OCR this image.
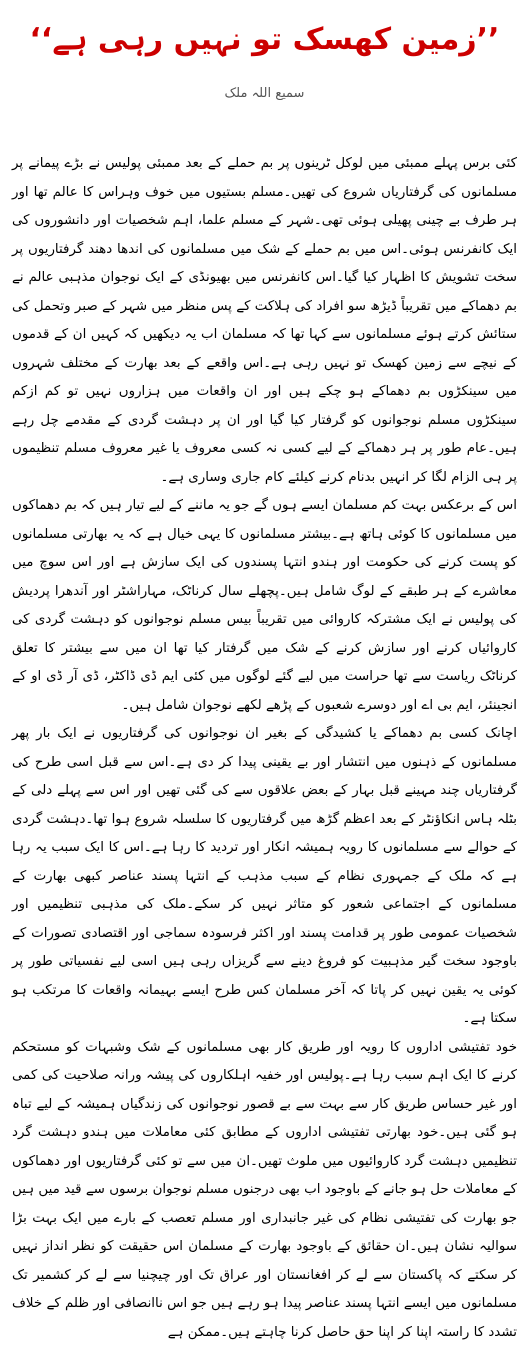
’’زمین کھسک تو نہیں رہی ہے‘‘
سمیع اللہ ملک

کئی برس پہلے ممبئی میں لوکل ٹرینوں پر بم حملے کے بعد ممبئی پولیس نے بڑے پیمانے پر مسلمانوں کی گرفتاریاں شروع کی تھیں۔مسلم بستیوں میں خوف وہراس کا عالم تھا اور ہر طرف بے چینی پھیلی ہوئی تھی۔شہر کے مسلم علما، اہم شخصیات اور دانشوروں کی ایک کانفرنس ہوئی۔اس میں بم حملے کے شک میں مسلمانوں کی اندھا دھند گرفتاریوں پر سخت تشویش کا اظہار کیا گیا۔اس کانفرنس میں بھیونڈی کے ایک نوجوان مذہبی عالم نے بم دھماکے میں تقریباً ڈیڑھ سو افراد کی ہلاکت کے پس منظر میں شہر کے صبر وتحمل کی ستائش کرتے ہوئے مسلمانوں سے کہا تھا کہ مسلمان اب یہ دیکھیں کہ کہیں ان کے قدموں کے نیچے سے زمین کھسک تو نہیں رہی ہے۔اس واقعے کے بعد بھارت کے مختلف شہروں میں سینکڑوں بم دھماکے ہو چکے ہیں اور ان واقعات میں ہزاروں نہیں تو کم ازکم سینکڑوں مسلم نوجوانوں کو گرفتار کیا گیا اور ان پر دہشت گردی کے مقدمے چل رہے ہیں۔عام طور پر ہر دھماکے کے لیے کسی نہ کسی معروف یا غیر معروف مسلم تنظیموں پر ہی الزام لگا کر انہیں بدنام کرنے کیلئے کام جاری وساری ہے۔

اس کے برعکس بہت کم مسلمان ایسے ہوں گے جو یہ ماننے کے لیے تیار ہیں کہ بم دھماکوں میں مسلمانوں کا کوئی ہاتھ ہے۔بیشتر مسلمانوں کا یہی خیال ہے کہ یہ بھارتی مسلمانوں کو پست کرنے کی حکومت اور ہندو انتہا پسندوں کی ایک سازش ہے اور اس سوچ میں معاشرے کے ہر طبقے کے لوگ شامل ہیں۔پچھلے سال کرناٹک، مہاراشٹر اور آندھرا پردیش کی پولیس نے ایک مشترکہ کاروائی میں تقریباً بیس مسلم نوجوانوں کو دہشت گردی کی کاروائیاں کرنے اور سازش کرنے کے شک میں گرفتار کیا تھا ان میں سے بیشتر کا تعلق کرناٹک ریاست سے تھا حراست میں لیے گئے لوگوں میں کئی ایم ڈی ڈاکٹر، ڈی آر ڈی او کے انجینئر، ایم بی اے اور دوسرے شعبوں کے پڑھے لکھے نوجوان شامل ہیں۔

اچانک کسی بم دھماکے یا کشیدگی کے بغیر ان نوجوانوں کی گرفتاریوں نے ایک بار پھر مسلمانوں کے ذہنوں میں انتشار اور بے یقینی پیدا کر دی ہے۔اس سے قبل اسی طرح کی گرفتاریاں چند مہینے قبل بہار کے بعض علاقوں سے کی گئی تھیں اور اس سے پہلے دلی کے بٹلہ ہاس انکاؤنٹر کے بعد اعظم گڑھ میں گرفتاریوں کا سلسلہ شروع ہوا تھا۔دہشت گردی کے حوالے سے مسلمانوں کا رویہ ہمیشہ انکار اور ترديد کا رہا ہے۔اس کا ایک سبب یہ رہا ہے کہ ملک کے جمہوری نظام کے سبب مذہب کے انتہا پسند عناصر کبھی بھارت کے مسلمانوں کے اجتماعی شعور کو متاثر نہیں کر سکے۔ملک کی مذہبی تنظیمیں اور شخصیات عمومی طور پر قدامت پسند اور اکثر فرسودہ سماجی اور اقتصادی تصورات کے باوجود سخت گیر مذہبیت کو فروغ دینے سے گریزاں رہی ہیں اسی لیے نفسیاتی طور پر کوئی یہ یقین نہیں کر پاتا کہ آخر مسلمان کس طرح ایسے بہیمانہ واقعات کا مرتکب ہو سکتا ہے۔

خود تفتیشی اداروں کا رویہ اور طریق کار بھی مسلمانوں کے شک وشبہات کو مستحکم کرنے کا ایک اہم سبب رہا ہے۔پولیس اور خفیہ اہلکاروں کی پیشہ ورانہ صلاحیت کی کمی اور غیر حساس طریق کار سے بہت سے بے قصور نوجوانوں کی زندگیاں ہمیشہ کے لیے تباہ ہو گئی ہیں۔خود بھارتی تفتیشی اداروں کے مطابق کئی معاملات میں ہندو دہشت گرد تنظیمیں دہشت گرد کاروائیوں میں ملوث تھیں۔ان میں سے تو کئی گرفتاریوں اور دھماکوں کے معاملات حل ہو جانے کے باوجود اب بھی درجنوں مسلم نوجوان برسوں سے قید میں ہیں جو بھارت کی تفتیشی نظام کی غیر جانبداری اور مسلم تعصب کے بارے میں ایک بہت بڑا سوالیہ نشان ہیں۔ان حقائق کے باوجود بھارت کے مسلمان اس حقیقت کو نظر انداز نہیں کر سکتے کہ پاکستان سے لے کر افغانستان اور عراق تک اور چیچنیا سے لے کر کشمیر تک مسلمانوں میں ایسے انتہا پسند عناصر پیدا ہو رہے ہیں جو اس ناانصافی اور ظلم کے خلاف تشدد کا راستہ اپنا کر اپنا حق حاصل کرنا چاہتے ہیں۔ممکن ہے
